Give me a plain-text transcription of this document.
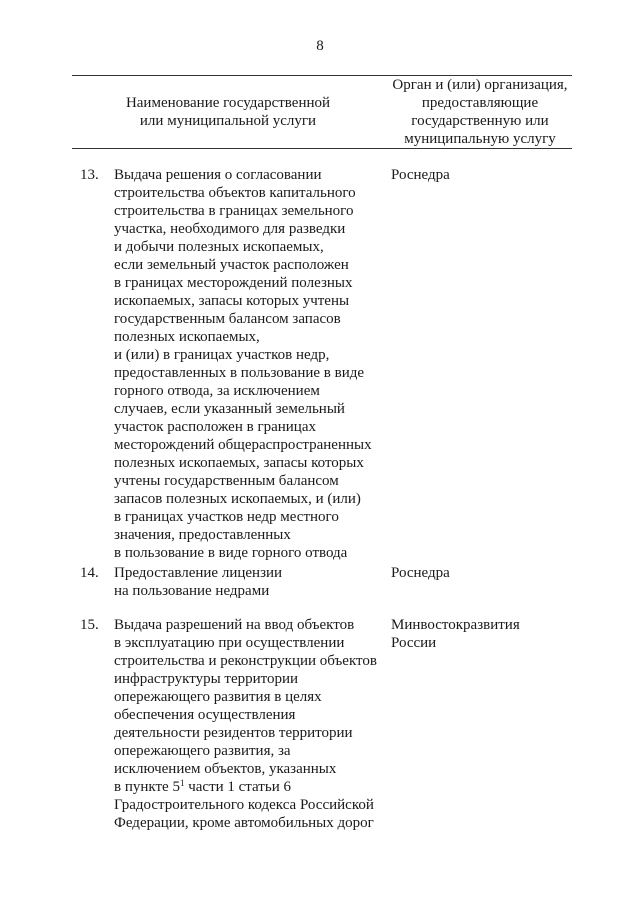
8
Наименование государственной
или муниципальной услуги
Орган и (или) организация,
предоставляющие
государственную или
муниципальную услугу
13. Выдача решения о согласовании
строительства объектов капитального
строительства в границах земельного
участка, необходимого для разведки
и добычи полезных ископаемых,
если земельный участок расположен
в границах месторождений полезных
ископаемых, запасы которых учтены
государственным балансом запасов
полезных ископаемых,
и (или) в границах участков недр,
предоставленных в пользование в виде
горного отвода, за исключением
случаев, если указанный земельный
участок расположен в границах
месторождений общераспространенных
полезных ископаемых, запасы которых
учтены государственным балансом
запасов полезных ископаемых, и (или)
в границах участков недр местного
значения, предоставленных
в пользование в виде горного отвода
Роснедра
14. Предоставление лицензии
на пользование недрами
Роснедра
15. Выдача разрешений на ввод объектов
в эксплуатацию при осуществлении
строительства и реконструкции объектов
инфраструктуры территории
опережающего развития в целях
обеспечения осуществления
деятельности резидентов территории
опережающего развития, за
исключением объектов, указанных
в пункте $5^1$ части 1 статьи 6
Градостроительного кодекса Российской
Федерации, кроме автомобильных дорог
Минвостокразвития
России
